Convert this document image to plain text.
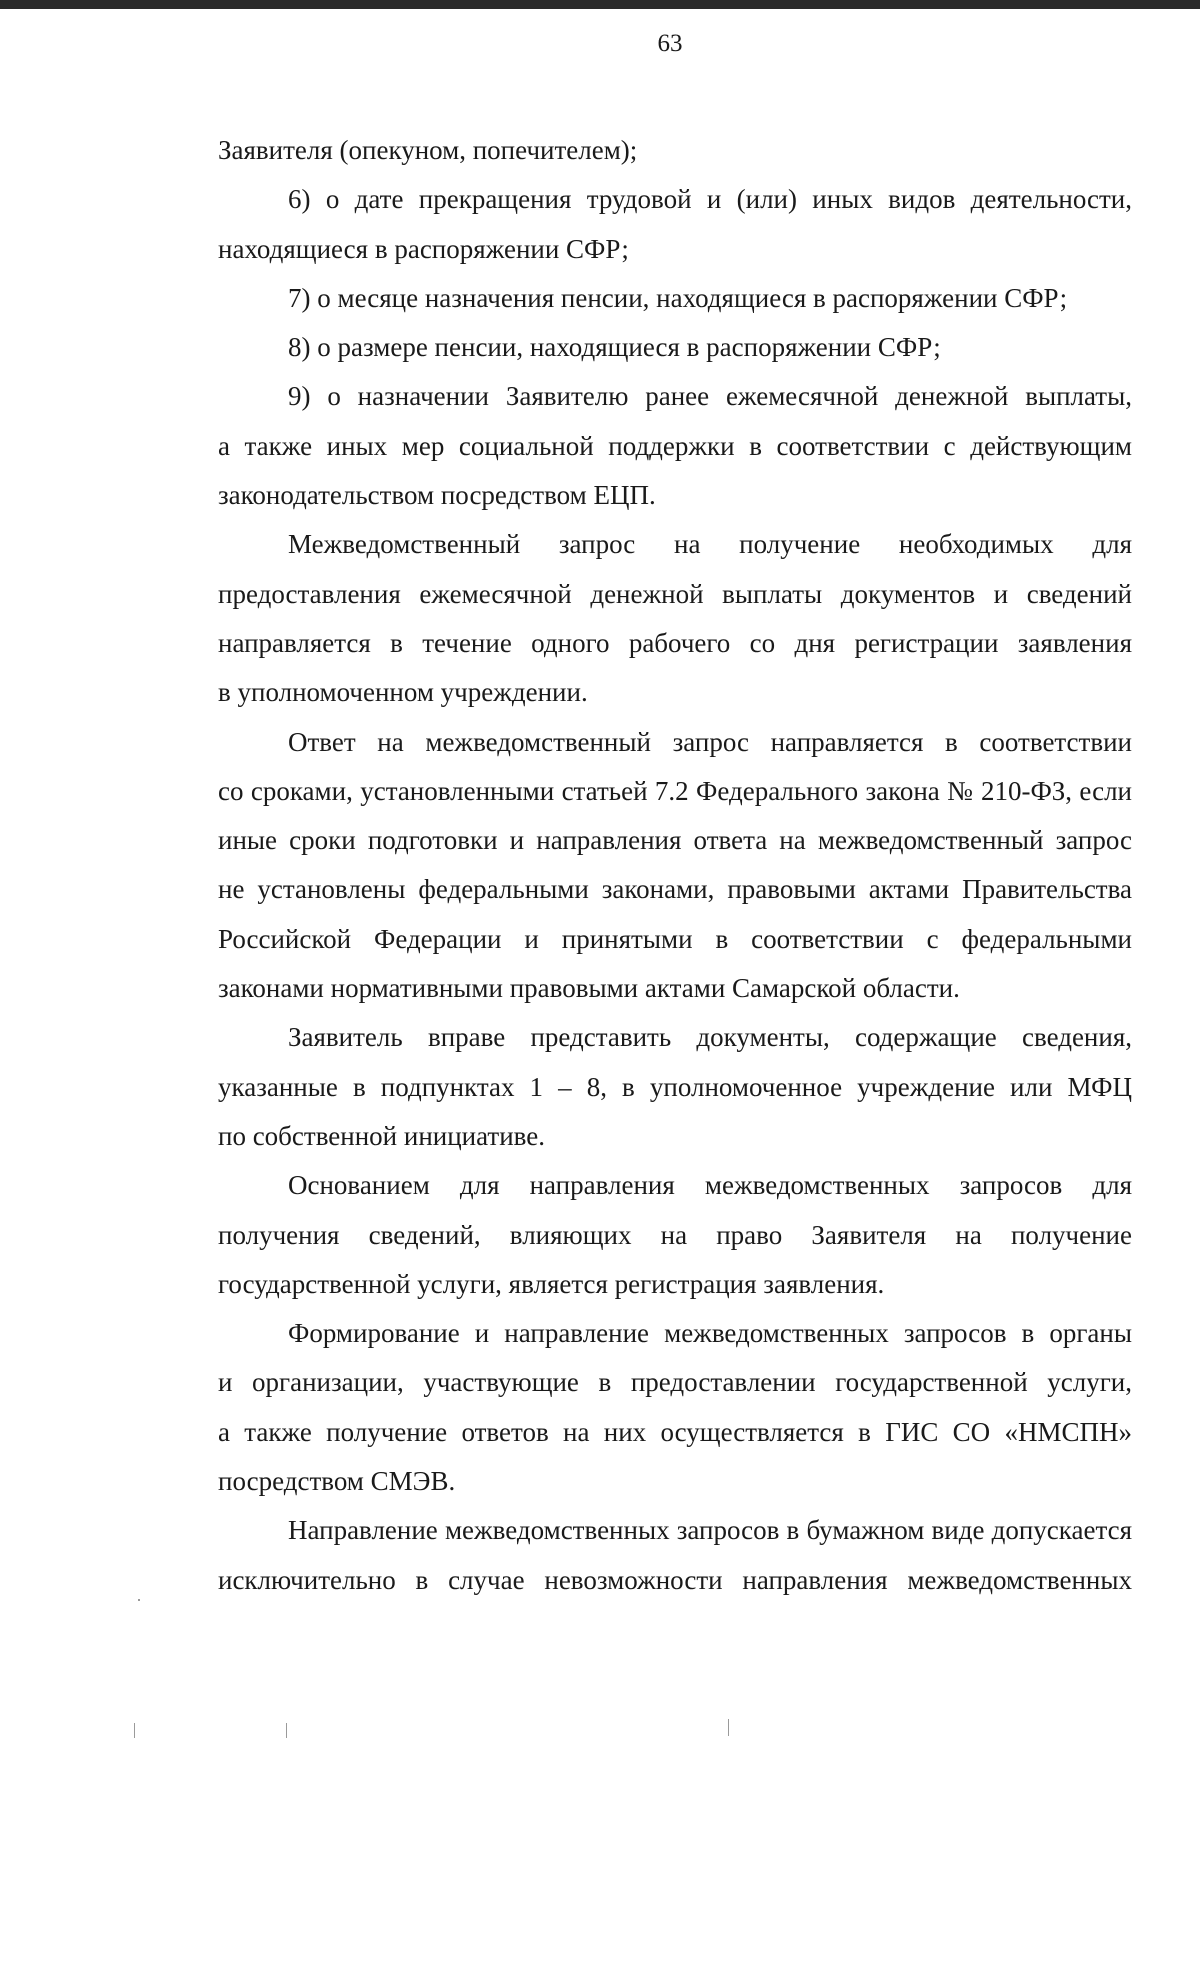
63
Заявителя (опекуном, попечителем);
6) о дате прекращения трудовой и (или) иных видов деятельности,
находящиеся в распоряжении СФР;
7) о месяце назначения пенсии, находящиеся в распоряжении СФР;
8) о размере пенсии, находящиеся в распоряжении СФР;
9) о назначении Заявителю ранее ежемесячной денежной выплаты,
а также иных мер социальной поддержки в соответствии с действующим
законодательством посредством ЕЦП.
Межведомственный запрос на получение необходимых для
предоставления ежемесячной денежной выплаты документов и сведений
направляется в течение одного рабочего со дня регистрации заявления
в уполномоченном учреждении.
Ответ на межведомственный запрос направляется в соответствии
со сроками, установленными статьей 7.2 Федерального закона № 210-ФЗ, если
иные сроки подготовки и направления ответа на межведомственный запрос
не установлены федеральными законами, правовыми актами Правительства
Российской Федерации и принятыми в соответствии с федеральными
законами нормативными правовыми актами Самарской области.
Заявитель вправе представить документы, содержащие сведения,
указанные в подпунктах 1 – 8, в уполномоченное учреждение или МФЦ
по собственной инициативе.
Основанием для направления межведомственных запросов для
получения сведений, влияющих на право Заявителя на получение
государственной услуги, является регистрация заявления.
Формирование и направление межведомственных запросов в органы
и организации, участвующие в предоставлении государственной услуги,
а также получение ответов на них осуществляется в ГИС СО «НМСПН»
посредством СМЭВ.
Направление межведомственных запросов в бумажном виде допускается
исключительно в случае невозможности направления межведомственных
